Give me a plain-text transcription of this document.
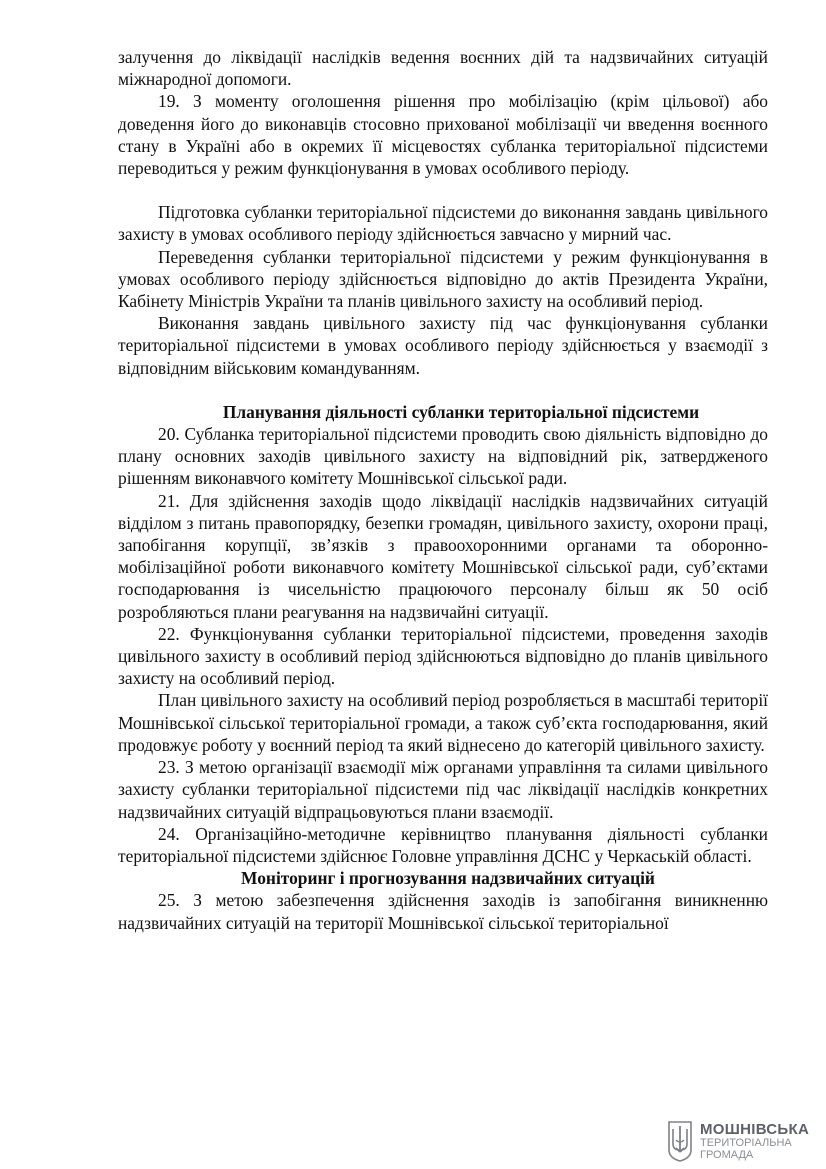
залучення до ліквідації наслідків ведення воєнних дій та надзвичайних ситуацій міжнародної допомоги.

19. З моменту оголошення рішення про мобілізацію (крім цільової) або доведення його до виконавців стосовно прихованої мобілізації чи введення воєнного стану в Україні або в окремих її місцевостях субланка територіальної підсистеми переводиться у режим функціонування в умовах особливого періоду.

Підготовка субланки територіальної підсистеми до виконання завдань цивільного захисту в умовах особливого періоду здійснюється завчасно у мирний час.

Переведення субланки територіальної підсистеми у режим функціонування в умовах особливого періоду здійснюється відповідно до актів Президента України, Кабінету Міністрів України та планів цивільного захисту на особливий період.

Виконання завдань цивільного захисту під час функціонування субланки територіальної підсистеми в умовах особливого періоду здійснюється у взаємодії з відповідним військовим командуванням.

Планування діяльності субланки територіальної підсистеми

20. Субланка територіальної підсистеми проводить свою діяльність відповідно до плану основних заходів цивільного захисту на відповідний рік, затвердженого рішенням виконавчого комітету Мошнівської сільської ради.

21. Для здійснення заходів щодо ліквідації наслідків надзвичайних ситуацій відділом з питань правопорядку, безепки громадян, цивільного захисту, охорони праці, запобігання корупції, зв’язків з правоохоронними органами та оборонно-мобілізаційної роботи виконавчого комітету Мошнівської сільської ради, суб’єктами господарювання із чисельністю працюючого персоналу більш як 50 осіб розробляються плани реагування на надзвичайні ситуації.

22. Функціонування субланки територіальної підсистеми, проведення заходів цивільного захисту в особливий період здійснюються відповідно до планів цивільного захисту на особливий період.

План цивільного захисту на особливий період розробляється в масштабі території Мошнівської сільської територіальної громади, а також суб’єкта господарювання, який продовжує роботу у воєнний період та який віднесено до категорій цивільного захисту.

23. З метою організації взаємодії між органами управління та силами цивільного захисту субланки територіальної підсистеми під час ліквідації наслідків конкретних надзвичайних ситуацій відпрацьовуються плани взаємодії.

24. Організаційно-методичне керівництво планування діяльності субланки територіальної підсистеми здійснює Головне управління ДСНС у Черкаській області.

Моніторинг і прогнозування надзвичайних ситуацій

25. З метою забезпечення здійснення заходів із запобігання виникненню надзвичайних ситуацій на території Мошнівської сільської територіальної

МОШНІВСЬКА
ТЕРИТОРІАЛЬНА
ГРОМАДА
